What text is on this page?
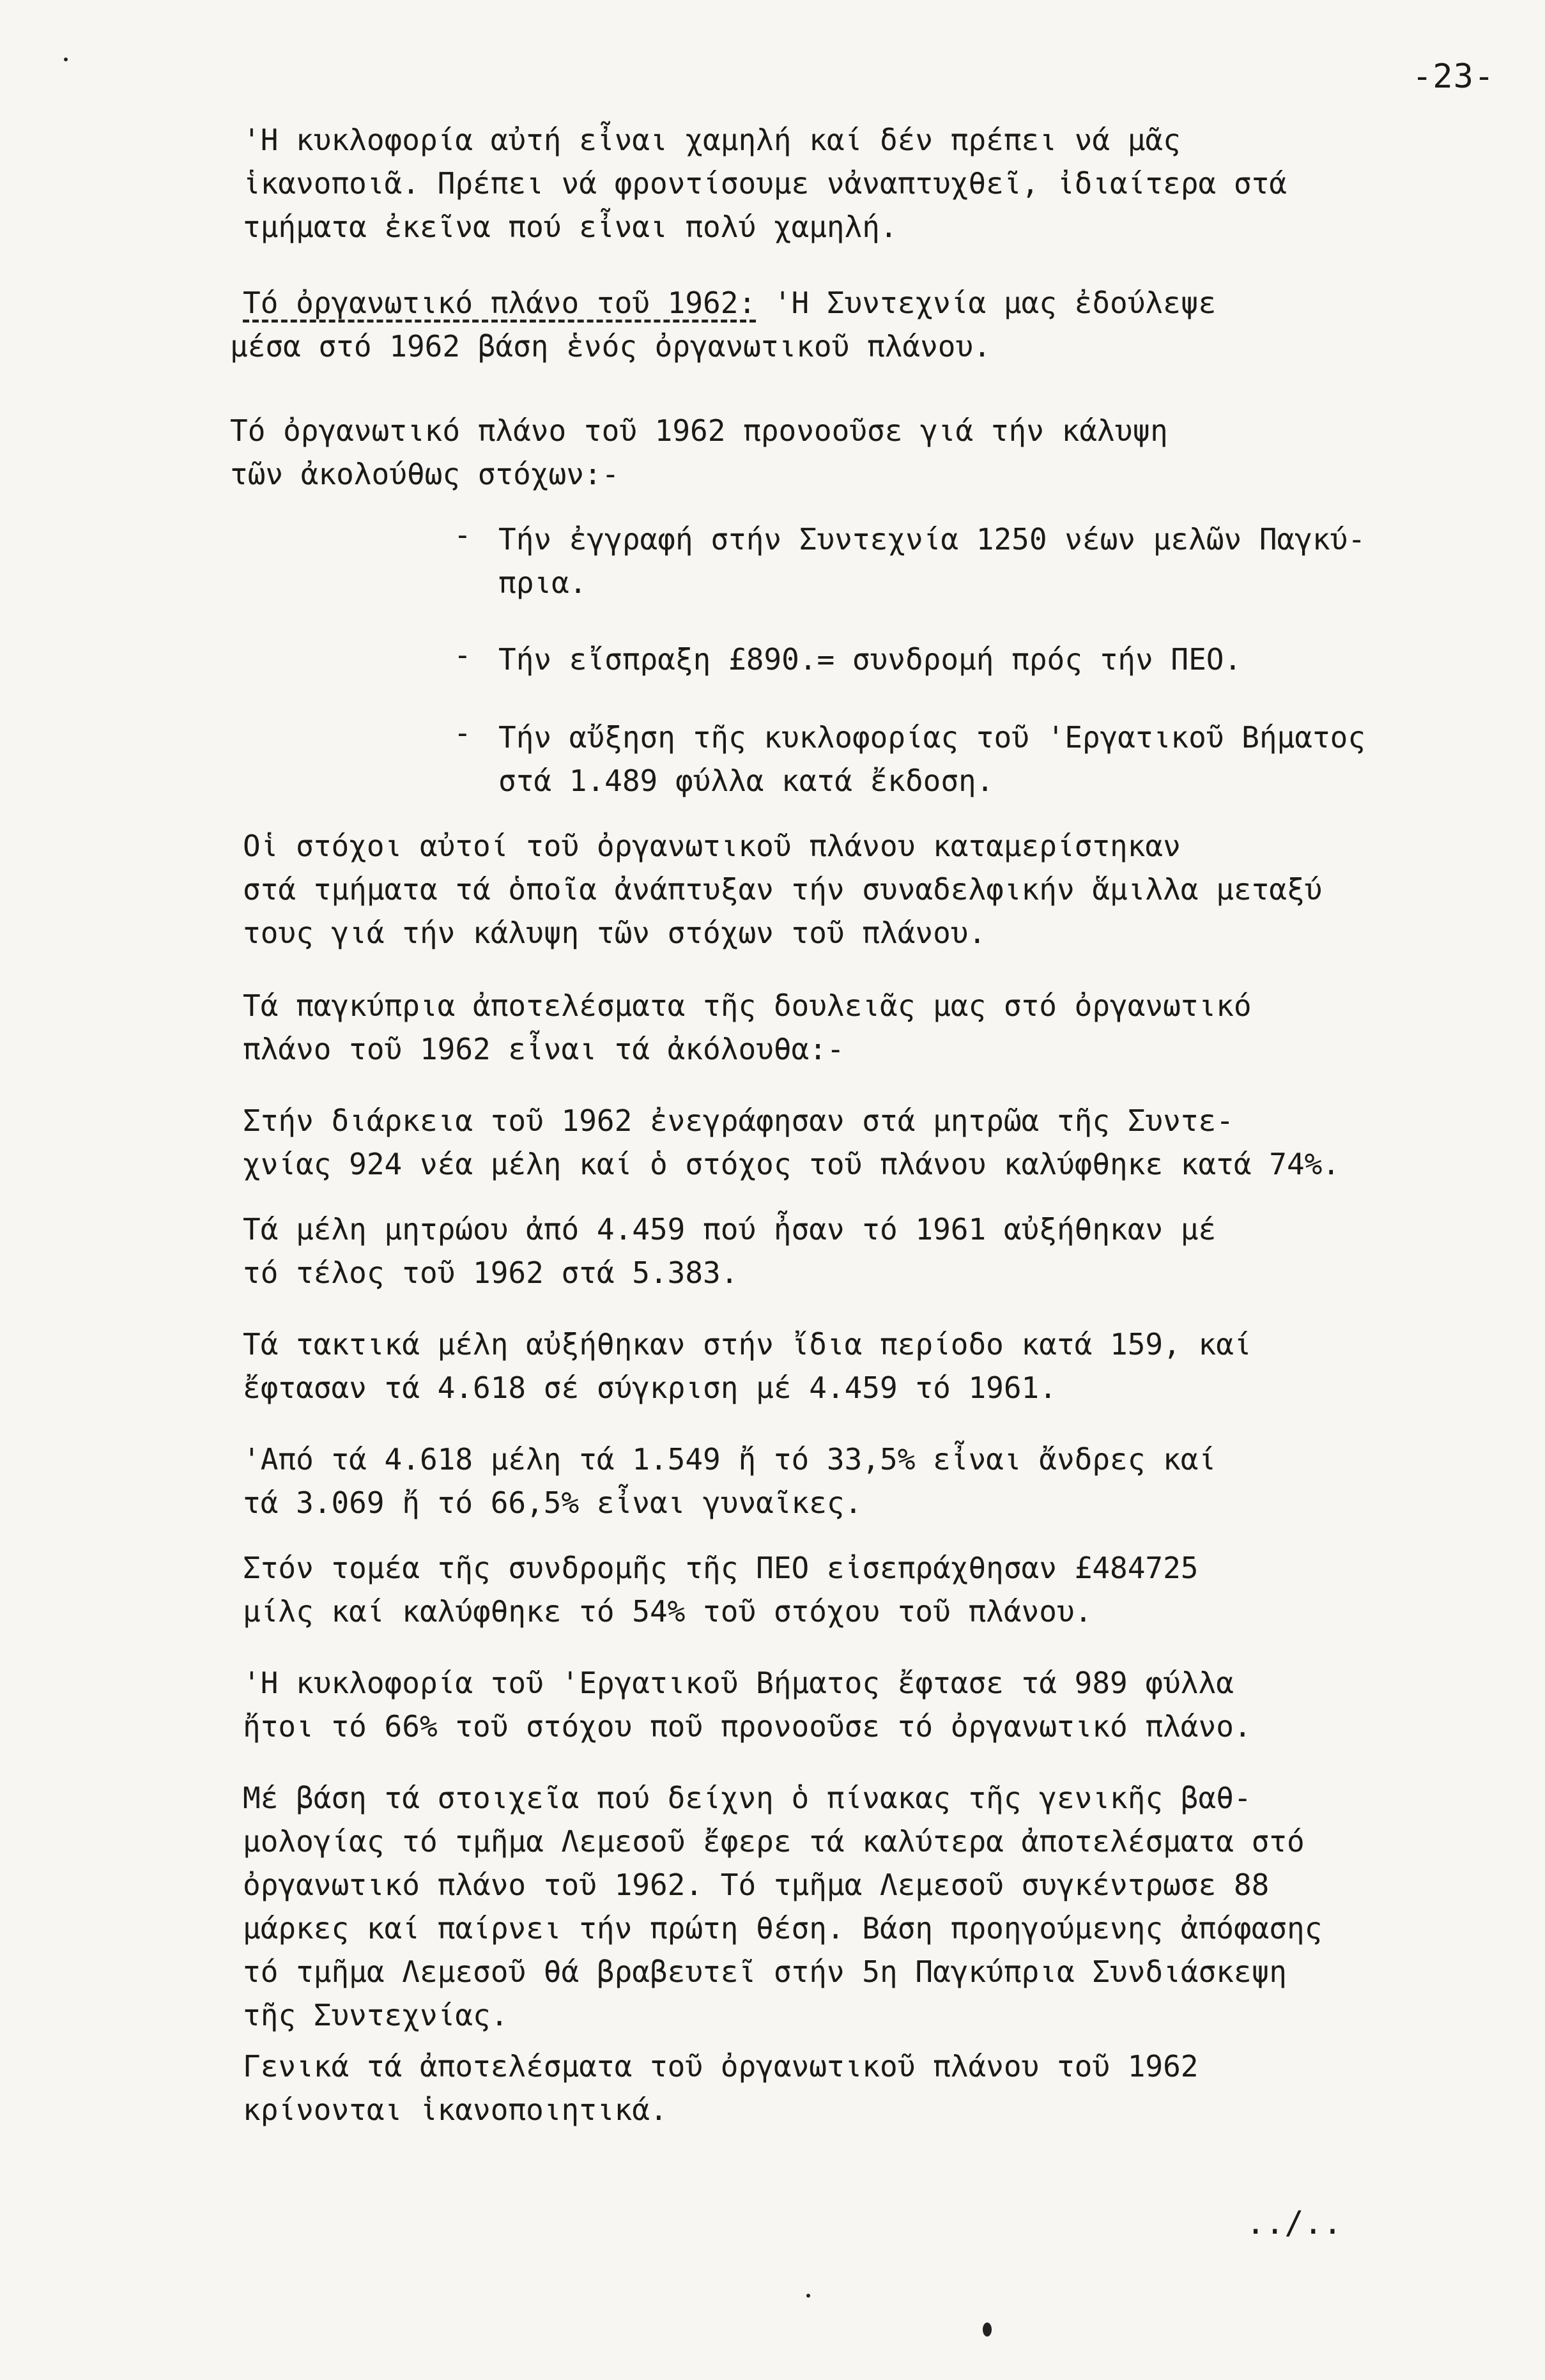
-23-

'Η κυκλοφορία αὐτή εἶναι χαμηλή καί δέν πρέπει νά μᾶς
ἱκανοποιᾶ. Πρέπει νά φροντίσουμε νἀναπτυχθεῖ, ἰδιαίτερα στά
τμήματα ἐκεῖνα πού εἶναι πολύ χαμηλή.

Τό ὀργανωτικό πλάνο τοῦ 1962: 'Η Συντεχνία μας ἐδούλεψε

μέσα στό 1962 βάση ἑνός ὀργανωτικοῦ πλάνου.

Τό ὀργανωτικό πλάνο τοῦ 1962 προνοοῦσε γιά τήν κάλυψη
τῶν ἀκολούθως στόχων:-

- Τήν ἐγγραφή στήν Συντεχνία 1250 νέων μελῶν Παγκύ-
πρια.

- Τήν εἴσπραξη £890.= συνδρομή πρός τήν ΠΕΟ.

- Τήν αὔξηση τῆς κυκλοφορίας τοῦ 'Εργατικοῦ Βήματος
στά 1.489 φύλλα κατά ἔκδοση.

Οἱ στόχοι αὐτοί τοῦ ὀργανωτικοῦ πλάνου καταμερίστηκαν
στά τμήματα τά ὁποῖα ἀνάπτυξαν τήν συναδελφικήν ἅμιλλα μεταξύ
τους γιά τήν κάλυψη τῶν στόχων τοῦ πλάνου.

Τά παγκύπρια ἀποτελέσματα τῆς δουλειᾶς μας στό ὀργανωτικό
πλάνο τοῦ 1962 εἶναι τά ἀκόλουθα:-

Στήν διάρκεια τοῦ 1962 ἐνεγράφησαν στά μητρῶα τῆς Συντε-
χνίας 924 νέα μέλη καί ὁ στόχος τοῦ πλάνου καλύφθηκε κατά 74%.

Τά μέλη μητρώου ἀπό 4.459 πού ἦσαν τό 1961 αὐξήθηκαν μέ
τό τέλος τοῦ 1962 στά 5.383.

Τά τακτικά μέλη αὐξήθηκαν στήν ἴδια περίοδο κατά 159, καί
ἔφτασαν τά 4.618 σέ σύγκριση μέ 4.459 τό 1961.

'Από τά 4.618 μέλη τά 1.549 ἤ τό 33,5% εἶναι ἄνδρες καί
τά 3.069 ἤ τό 66,5% εἶναι γυναῖκες.

Στόν τομέα τῆς συνδρομῆς τῆς ΠΕΟ εἰσεπράχθησαν £484725
μίλς καί καλύφθηκε τό 54% τοῦ στόχου τοῦ πλάνου.

'Η κυκλοφορία τοῦ 'Εργατικοῦ Βήματος ἔφτασε τά 989 φύλλα
ἤτοι τό 66% τοῦ στόχου ποῦ προνοοῦσε τό ὀργανωτικό πλάνο.

Μέ βάση τά στοιχεῖα πού δείχνη ὁ πίνακας τῆς γενικῆς βαθ-
μολογίας τό τμῆμα Λεμεσοῦ ἔφερε τά καλύτερα ἀποτελέσματα στό
ὀργανωτικό πλάνο τοῦ 1962. Τό τμῆμα Λεμεσοῦ συγκέντρωσε 88
μάρκες καί παίρνει τήν πρώτη θέση. Βάση προηγούμενης ἀπόφασης
τό τμῆμα Λεμεσοῦ θά βραβευτεῖ στήν 5η Παγκύπρια Συνδιάσκεψη
τῆς Συντεχνίας.

Γενικά τά ἀποτελέσματα τοῦ ὀργανωτικοῦ πλάνου τοῦ 1962
κρίνονται ἱκανοποιητικά.

../..
